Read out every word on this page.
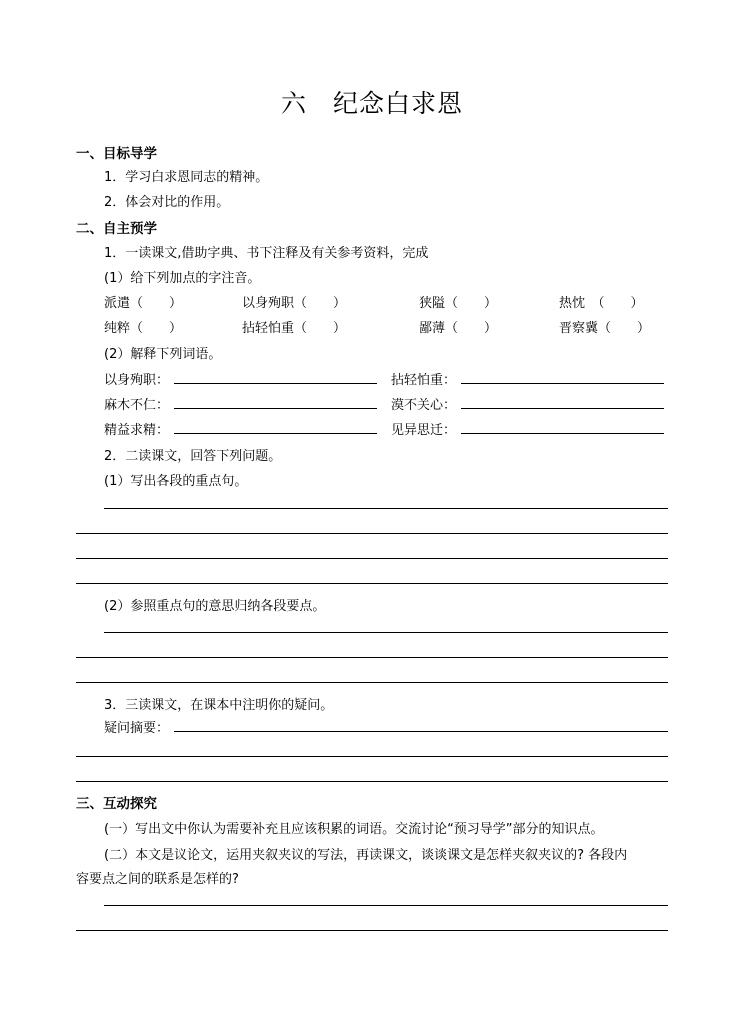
六　纪念白求恩
一、目标导学
1．学习白求恩同志的精神。
2．体会对比的作用。
二、自主预学
1．一读课文,借助字典、书下注释及有关参考资料，完成
(1）给下列加点的字注音。
派遣（　　）	以身殉职（　　）	狭隘（　　）	热忱　（　　）
纯粹（　　）	拈轻怕重（　　）	鄙薄（　　）	晋察冀（　　）
(2）解释下列词语。
以身殉职：	拈轻怕重：
麻木不仁：	漠不关心：
精益求精：	见异思迁：
2．二读课文，回答下列问题。
(1）写出各段的重点句。
(2）参照重点句的意思归纳各段要点。
3．三读课文，在课本中注明你的疑问。
疑问摘要：
三、互动探究
(一）写出文中你认为需要补充且应该积累的词语。交流讨论“预习导学”部分的知识点。
(二）本文是议论文，运用夹叙夹议的写法，再读课文，谈谈课文是怎样夹叙夹议的? 各段内
容要点之间的联系是怎样的?
